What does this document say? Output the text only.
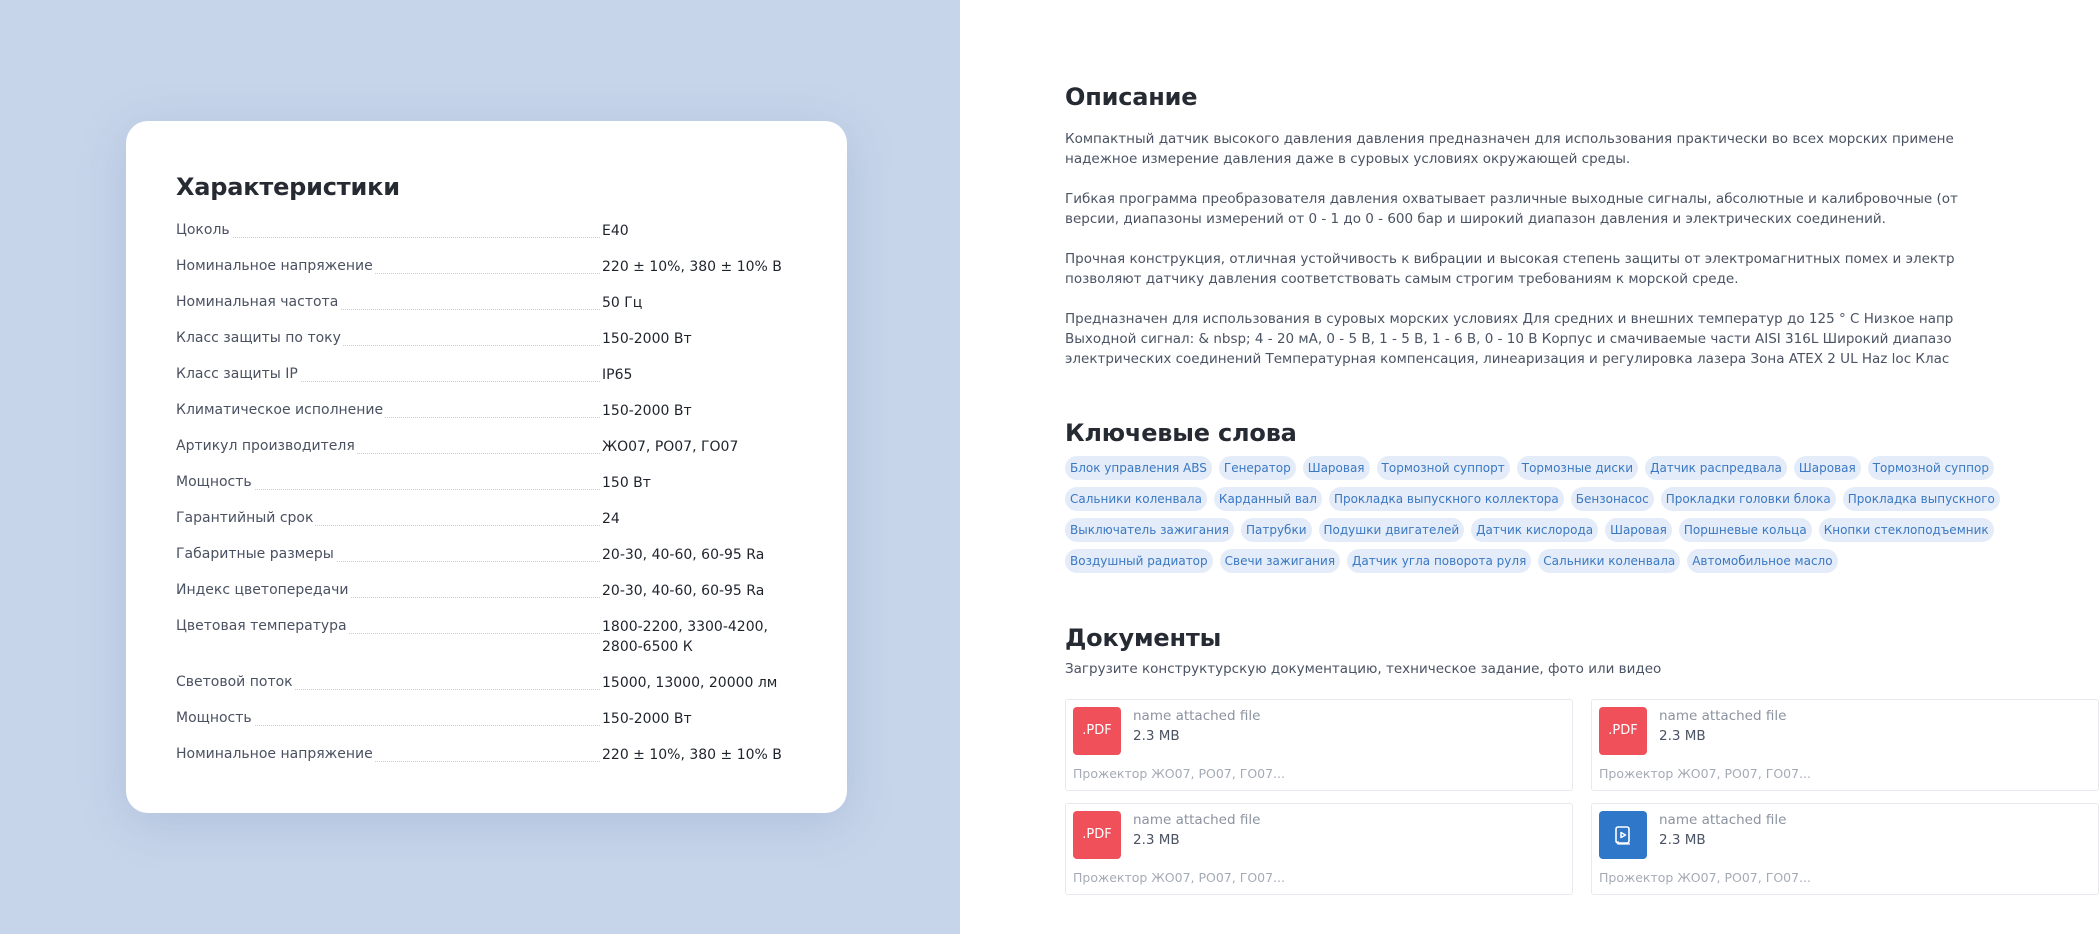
Характеристики
Цоколь	E40
Номинальное напряжение	220 ± 10%, 380 ± 10% В
Номинальная частота	50 Гц
Класс защиты по току	150-2000 Вт
Класс защиты IP	IP65
Климатическое исполнение	150-2000 Вт
Артикул производителя	ЖО07, РО07, ГО07
Мощность	150 Вт
Гарантийный срок	24
Габаритные размеры	20-30, 40-60, 60-95 Ra
Индекс цветопередачи	20-30, 40-60, 60-95 Ra
Цветовая температура	1800-2200, 3300-4200, 2800-6500 К
Световой поток	15000, 13000, 20000 лм
Мощность	150-2000 Вт
Номинальное напряжение	220 ± 10%, 380 ± 10% В
Описание

Компактный датчик высокого давления давления предназначен для использования практически во всех морских примене
надежное измерение давления даже в суровых условиях окружающей среды.

Гибкая программа преобразователя давления охватывает различные выходные сигналы, абсолютные и калибровочные (от
версии, диапазоны измерений от 0 - 1 до 0 - 600 бар и широкий диапазон давления и электрических соединений.

Прочная конструкция, отличная устойчивость к вибрации и высокая степень защиты от электромагнитных помех и электр
позволяют датчику давления соответствовать самым строгим требованиям к морской среде.

Предназначен для использования в суровых морских условиях Для средних и внешних температур до 125 ° C Низкое напр
Выходной сигнал: & nbsp; 4 - 20 мА, 0 - 5 В, 1 - 5 В, 1 - 6 В, 0 - 10 В Корпус и смачиваемые части AISI 316L Широкий диапазо
электрических соединений Температурная компенсация, линеаризация и регулировка лазера Зона ATEX 2 UL Haz loc Клас

Ключевые слова
Блок управления ABS	Генератор	Шаровая	Тормозной суппорт	Тормозные диски	Датчик распредвала	Шаровая	Тормозной суппор
Сальники коленвала	Карданный вал	Прокладка выпускного коллектора	Бензонасос	Прокладки головки блока	Прокладка выпускного
Выключатель зажигания	Патрубки	Подушки двигателей	Датчик кислорода	Шаровая	Поршневые кольца	Кнопки стеклоподъемник
Воздушный радиатор	Свечи зажигания	Датчик угла поворота руля	Сальники коленвала	Автомобильное масло
Документы

Загрузите конструктурскую документацию, техническое задание, фото или видео

.PDF
name attached file
2.3 MB
Прожектор ЖО07, РО07, ГО07...
.PDF
name attached file
2.3 MB
Прожектор ЖО07, РО07, ГО07...
.PDF
name attached file
2.3 MB
Прожектор ЖО07, РО07, ГО07...
name attached file
2.3 MB
Прожектор ЖО07, РО07, ГО07...
